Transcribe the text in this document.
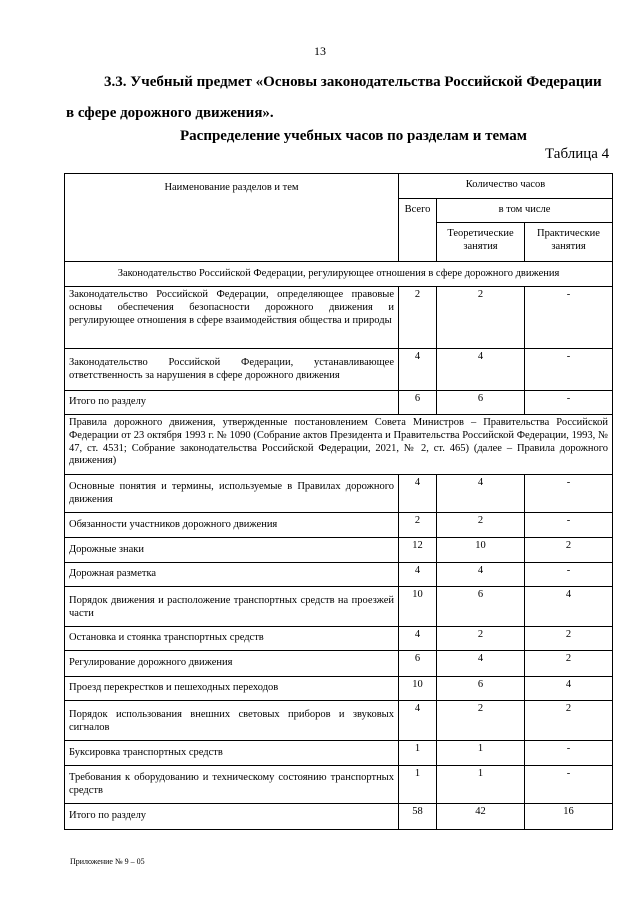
13
3.3. Учебный предмет «Основы законодательства Российской Федерации
в сфере дорожного движения».
Распределение учебных часов по разделам и темам
Таблица 4
Наименование разделов и тем	Количество часов		
	Всего	в том числе	
		Теоретические занятия	Практические занятия
Законодательство Российской Федерации, регулирующее отношения в сфере дорожного движения			
Законодательство Российской Федерации, определяющее правовые основы обеспечения безопасности дорожного движения и регулирующее отношения в сфере взаимодействия общества и природы	2	2	-
Законодательство Российской Федерации, устанавливающее ответственность за нарушения в сфере дорожного движения	4	4	-
Итого по разделу	6	6	-
Правила дорожного движения, утвержденные постановлением Совета Министров – Правительства Российской Федерации от 23 октября 1993 г. № 1090 (Собрание актов Президента и Правительства Российской Федерации, 1993, № 47, ст. 4531; Собрание законодательства Российской Федерации, 2021, № 2, ст. 465) (далее – Правила дорожного движения)			
Основные понятия и термины, используемые в Правилах дорожного движения	4	4	-
Обязанности участников дорожного движения	2	2	-
Дорожные знаки	12	10	2
Дорожная разметка	4	4	-
Порядок движения и расположение транспортных средств на проезжей части	10	6	4
Остановка и стоянка транспортных средств	4	2	2
Регулирование дорожного движения	6	4	2
Проезд перекрестков и пешеходных переходов	10	6	4
Порядок использования внешних световых приборов и звуковых сигналов	4	2	2
Буксировка транспортных средств	1	1	-
Требования к оборудованию и техническому состоянию транспортных средств	1	1	-
Итого по разделу	58	42	16
Приложение № 9 – 05
